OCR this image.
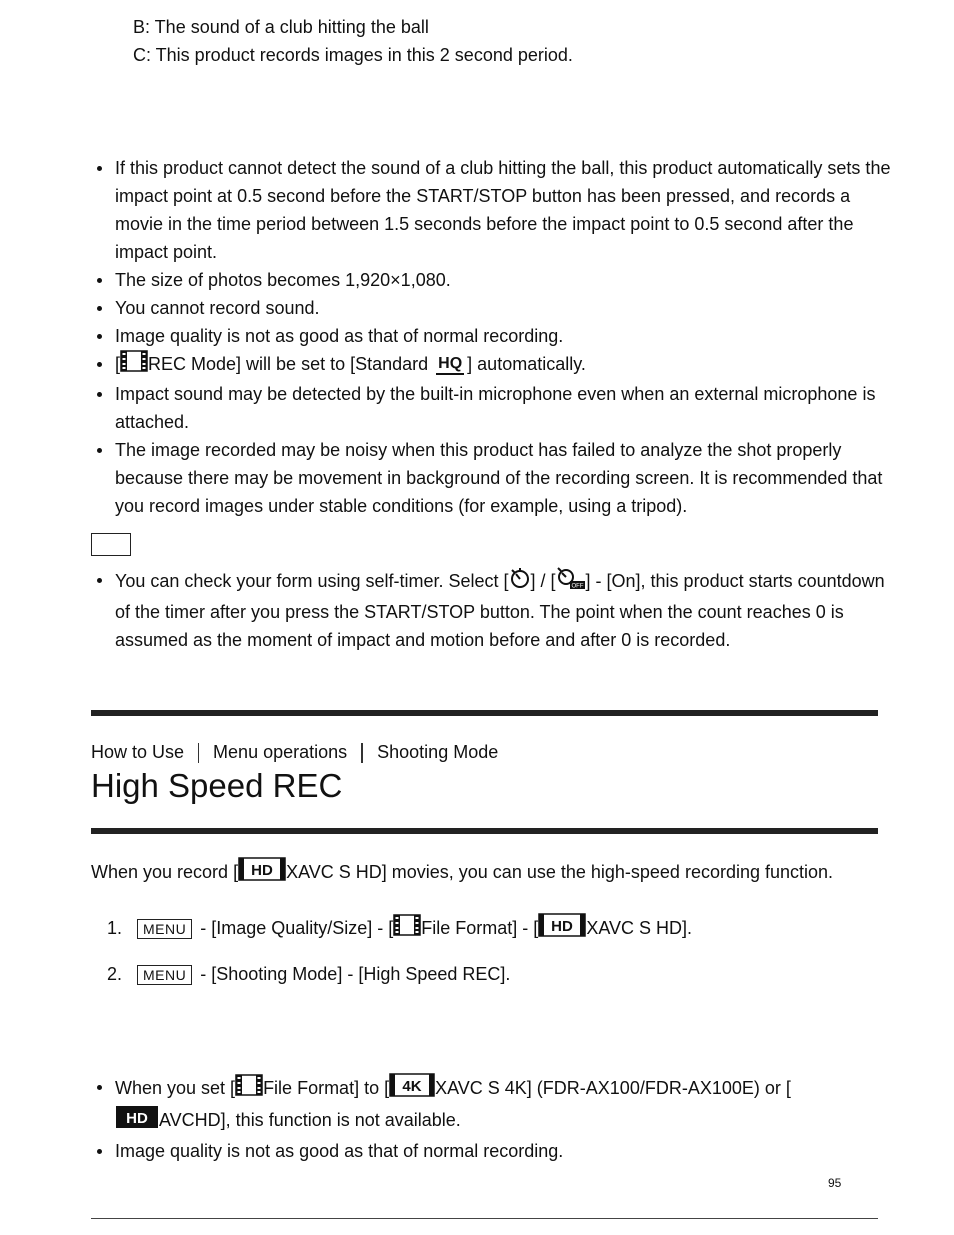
B: The sound of a club hitting the ball
C: This product records images in this 2 second period.
If this product cannot detect the sound of a club hitting the ball, this product automatically sets the impact point at 0.5 second before the START/STOP button has been pressed, and records a movie in the time period between 1.5 seconds before the impact point to 0.5 second after the impact point.
The size of photos becomes 1,920×1,080.
You cannot record sound.
Image quality is not as good as that of normal recording.
[ REC Mode] will be set to [Standard HQ ] automatically.
Impact sound may be detected by the built-in microphone even when an external microphone is attached.
The image recorded may be noisy when this product has failed to analyze the shot properly because there may be movement in background of the recording screen. It is recommended that you record images under stable conditions (for example, using a tripod).
You can check your form using self-timer. Select [ ] / [	OFF ] - [On], this product starts countdown of the timer after you press the START/STOP button. The point when the count reaches 0 is assumed as the moment of impact and motion before and after 0 is recorded.
How to Use Menu operations Shooting Mode
High Speed REC
When you record [ HD XAVC S HD] movies, you can use the high-speed recording function.
1. MENU - [Image Quality/Size] - [ File Format] - [ HD XAVC S HD].
2. MENU - [Shooting Mode] - [High Speed REC].
When you set [ File Format] to [ 4K XAVC S 4K] (FDR-AX100/FDR-AX100E) or [

HD AVCHD], this function is not available.
Image quality is not as good as that of normal recording.
95
